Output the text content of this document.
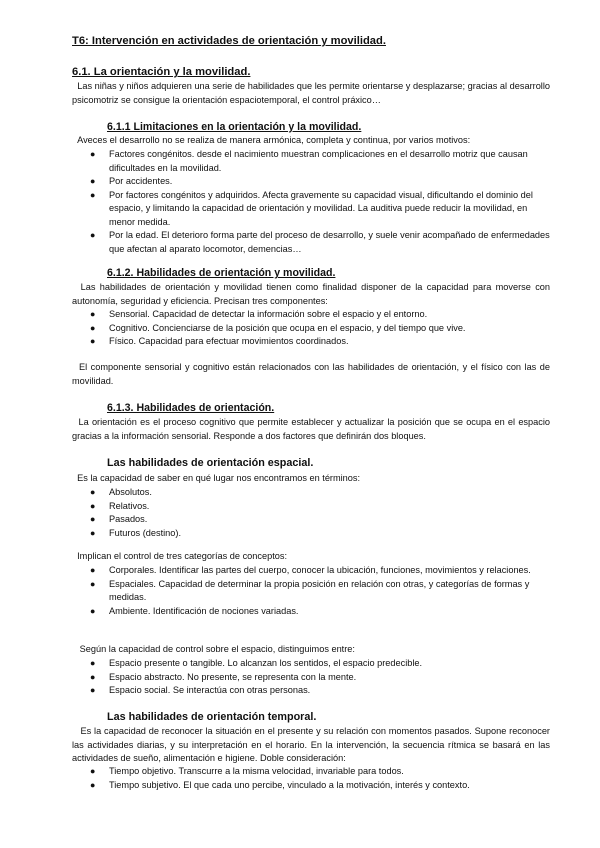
T6: Intervención en actividades de orientación y movilidad.

6.1. La orientación y la movilidad.

Las niñas y niños adquieren una serie de habilidades que les permite orientarse y desplazarse; gracias al desarrollo psicomotriz se consigue la orientación espaciotemporal, el control práxico…

6.1.1 Limitaciones en la orientación y la movilidad.

Aveces el desarrollo no se realiza de manera armónica, completa y continua, por varios motivos:

● Factores congénitos. desde el nacimiento muestran complicaciones en el desarrollo motriz que causan dificultades en la movilidad.
● Por accidentes.
● Por factores congénitos y adquiridos. Afecta gravemente su capacidad visual, dificultando el dominio del espacio, y limitando la capacidad de orientación y movilidad. La auditiva puede reducir la movilidad, en menor medida.
● Por la edad. El deterioro forma parte del proceso de desarrollo, y suele venir acompañado de enfermedades que afectan al aparato locomotor, demencias…

6.1.2. Habilidades de orientación y movilidad.

Las habilidades de orientación y movilidad tienen como finalidad disponer de la capacidad para moverse con autonomía, seguridad y eficiencia. Precisan tres componentes:

● Sensorial. Capacidad de detectar la información sobre el espacio y el entorno.
● Cognitivo. Concienciarse de la posición que ocupa en el espacio, y del tiempo que vive.
● Físico. Capacidad para efectuar movimientos coordinados.

El componente sensorial y cognitivo están relacionados con las habilidades de orientación, y el físico con las de movilidad.

6.1.3. Habilidades de orientación.

La orientación es el proceso cognitivo que permite establecer y actualizar la posición que se ocupa en el espacio gracias a la información sensorial. Responde a dos factores que definirán dos bloques.

Las habilidades de orientación espacial.

Es la capacidad de saber en qué lugar nos encontramos en términos:

● Absolutos.
● Relativos.
● Pasados.
● Futuros (destino).

Implican el control de tres categorías de conceptos:

● Corporales. Identificar las partes del cuerpo, conocer la ubicación, funciones, movimientos y relaciones.
● Espaciales. Capacidad de determinar la propia posición en relación con otras, y categorías de formas y medidas.
● Ambiente. Identificación de nociones variadas.

Según la capacidad de control sobre el espacio, distinguimos entre:

● Espacio presente o tangible. Lo alcanzan los sentidos, el espacio predecible.
● Espacio abstracto. No presente, se representa con la mente.
● Espacio social. Se interactúa con otras personas.

Las habilidades de orientación temporal.

Es la capacidad de reconocer la situación en el presente y su relación con momentos pasados. Supone reconocer las actividades diarias, y su interpretación en el horario. En la intervención, la secuencia rítmica se basará en las actividades de sueño, alimentación e higiene. Doble consideración:

● Tiempo objetivo. Transcurre a la misma velocidad, invariable para todos.
● Tiempo subjetivo. El que cada uno percibe, vinculado a la motivación, interés y contexto.
